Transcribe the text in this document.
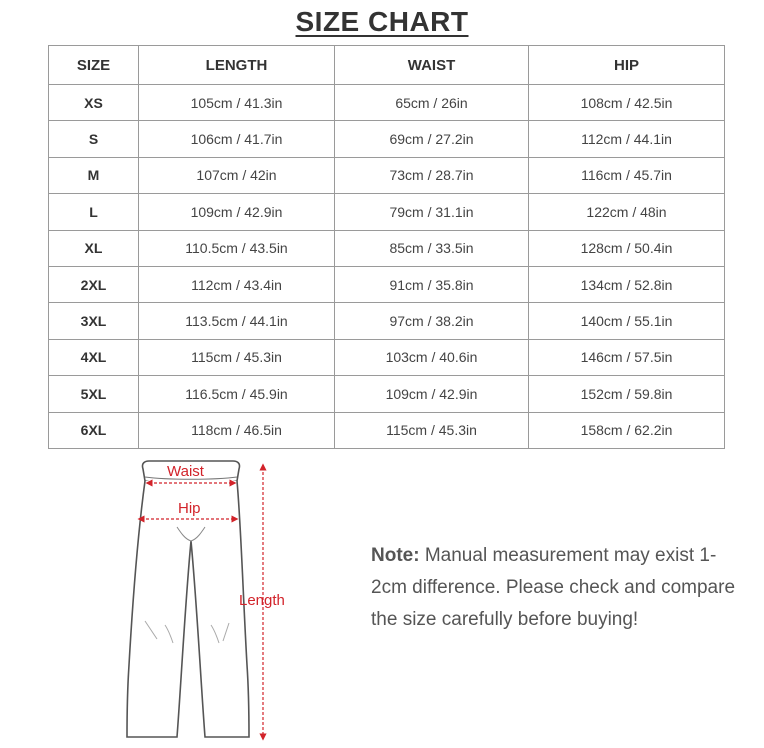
SIZE CHART
SIZE	LENGTH	WAIST	HIP
XS	105cm / 41.3in	65cm / 26in	108cm / 42.5in
S	106cm / 41.7in	69cm / 27.2in	112cm / 44.1in
M	107cm / 42in	73cm / 28.7in	116cm / 45.7in
L	109cm / 42.9in	79cm / 31.1in	122cm / 48in
XL	110.5cm / 43.5in	85cm / 33.5in	128cm / 50.4in
2XL	112cm / 43.4in	91cm / 35.8in	134cm / 52.8in
3XL	113.5cm / 44.1in	97cm / 38.2in	140cm / 55.1in
4XL	115cm / 45.3in	103cm / 40.6in	146cm / 57.5in
5XL	116.5cm / 45.9in	109cm / 42.9in	152cm / 59.8in
6XL	118cm / 46.5in	115cm / 45.3in	158cm / 62.2in
Waist
Hip
Length
Note: Manual measurement may exist 1-2cm difference. Please check and compare the size carefully before buying!
